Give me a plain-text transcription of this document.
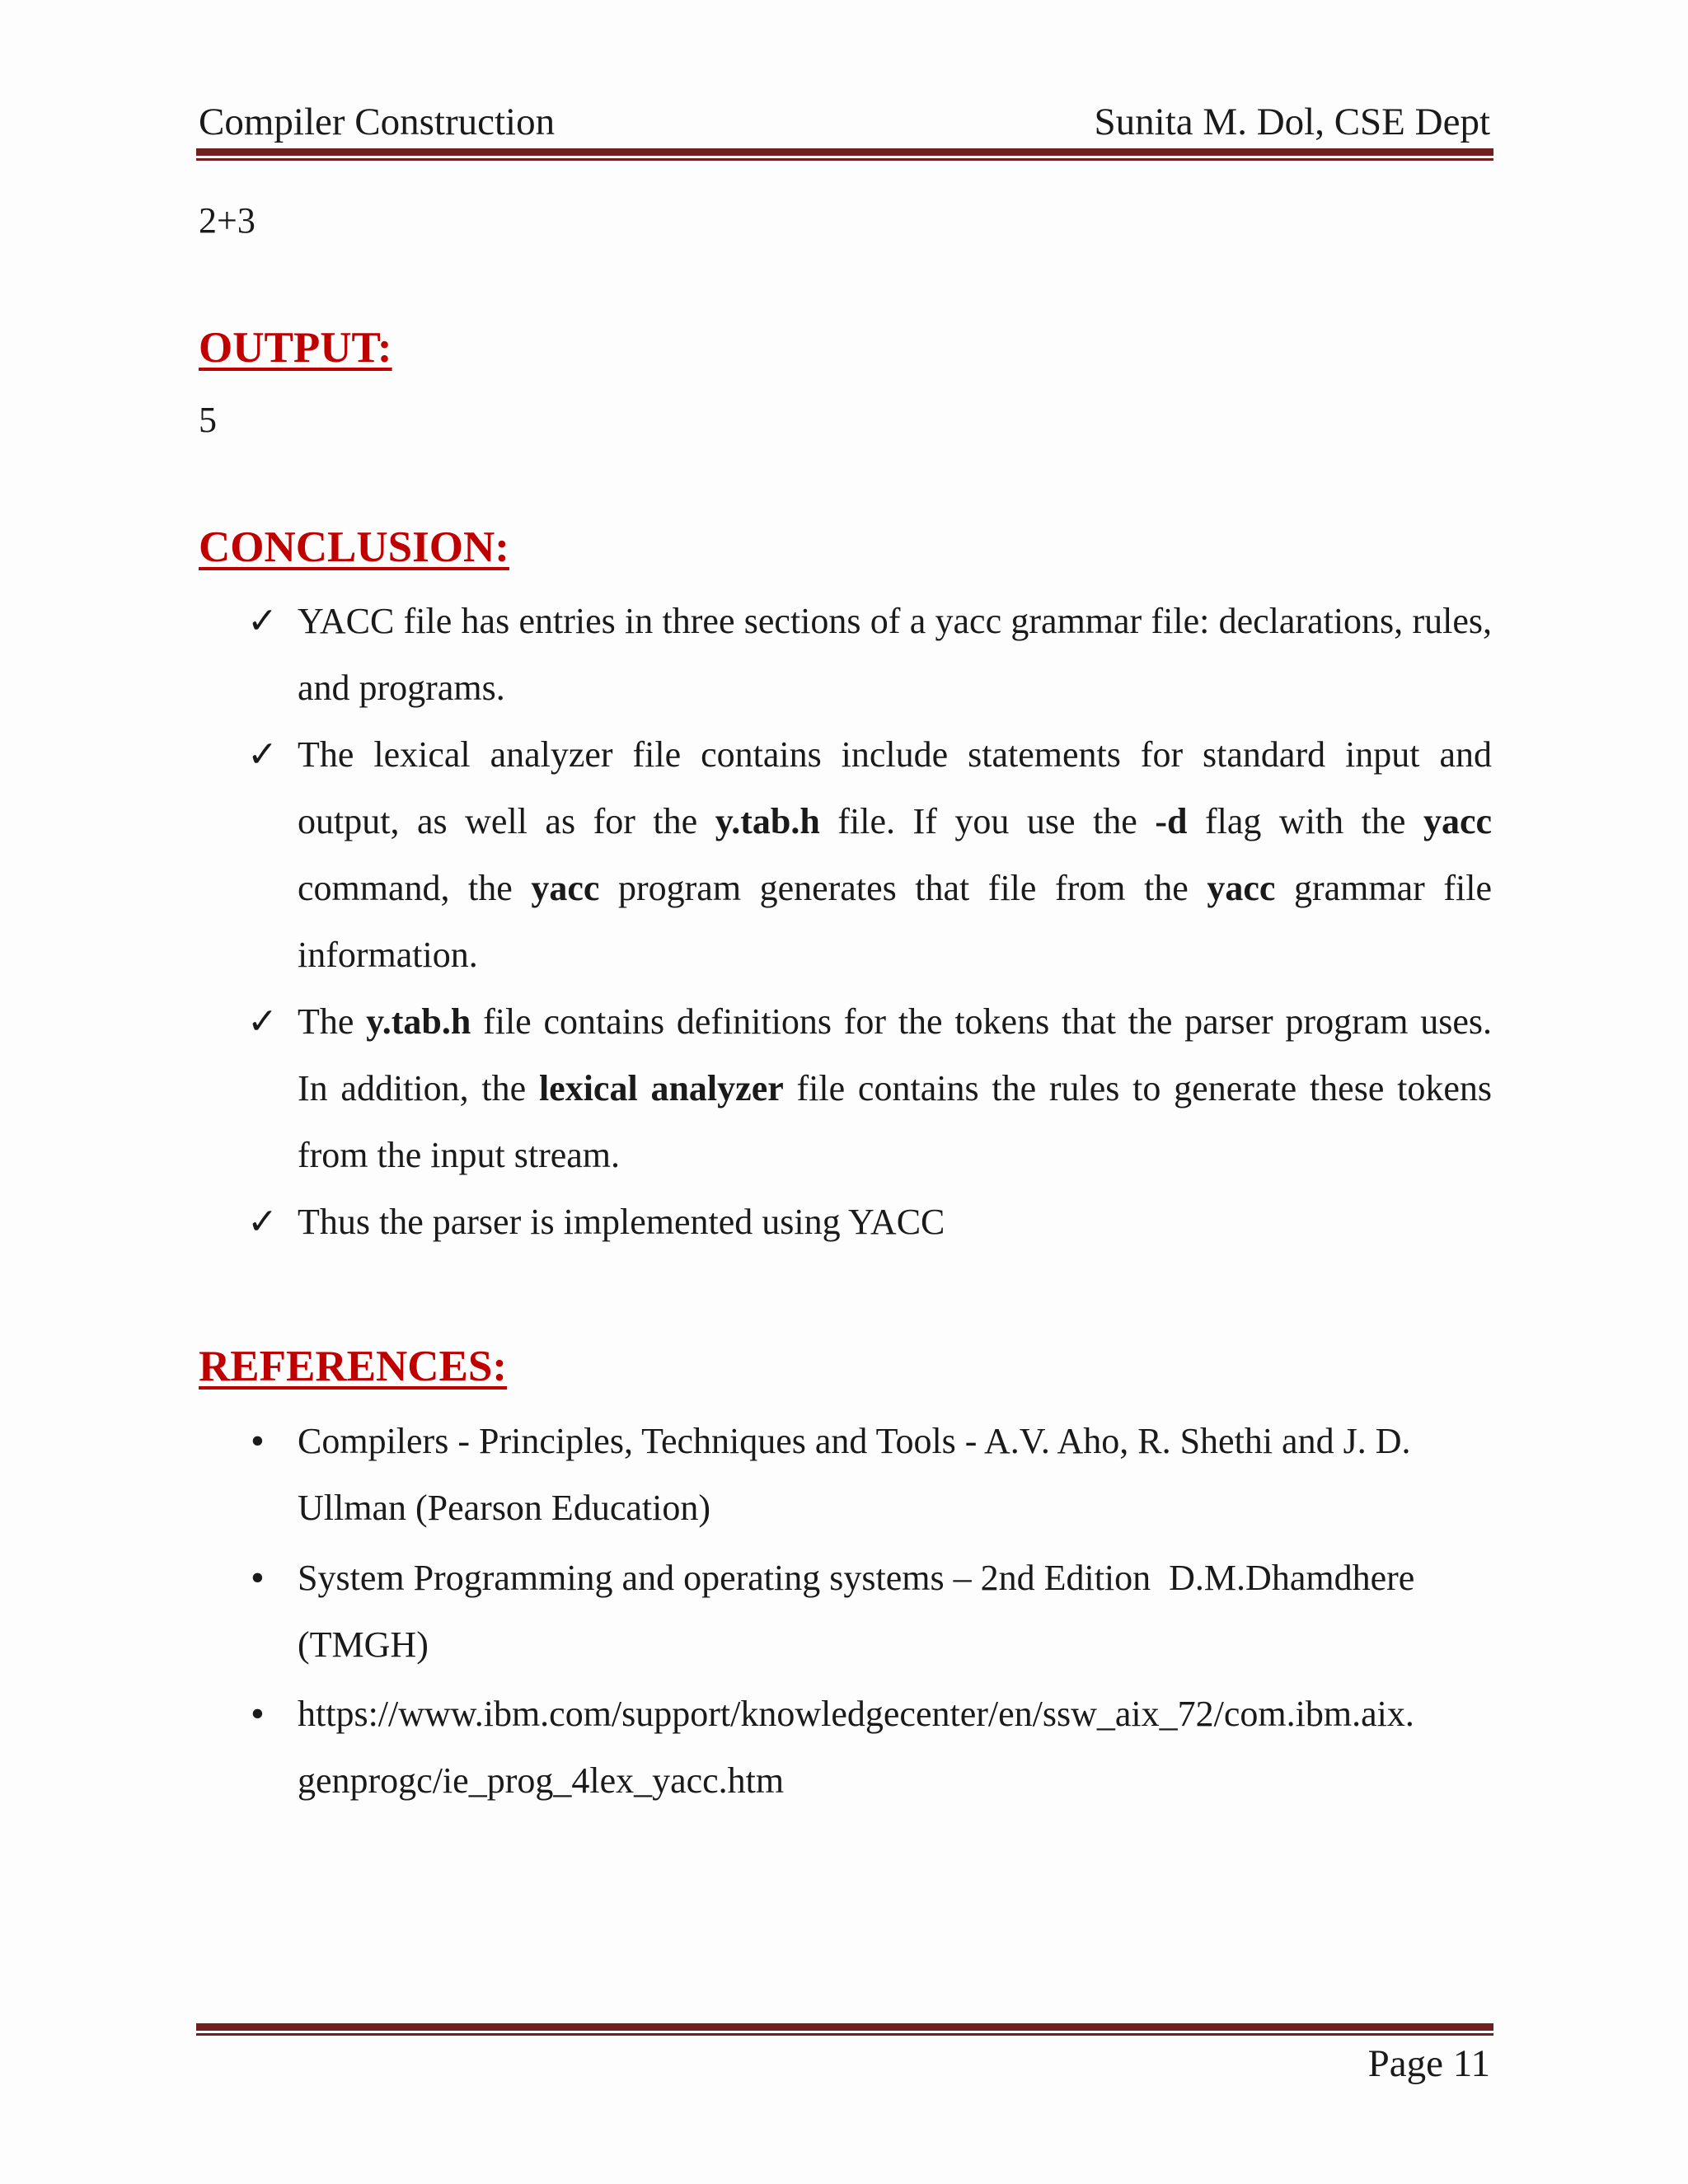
Compiler Construction	Sunita M. Dol, CSE Dept
2+3
OUTPUT:
5
CONCLUSION:
✓ YACC file has entries in three sections of a yacc grammar file: declarations, rules, and programs.
✓ The lexical analyzer file contains include statements for standard input and output, as well as for the y.tab.h file. If you use the -d flag with the yacc command, the yacc program generates that file from the yacc grammar file information.
✓ The y.tab.h file contains definitions for the tokens that the parser program uses. In addition, the lexical analyzer file contains the rules to generate these tokens from the input stream.
✓ Thus the parser is implemented using YACC
REFERENCES:
• Compilers - Principles, Techniques and Tools - A.V. Aho, R. Shethi and J. D.
Ullman (Pearson Education)
• System Programming and operating systems – 2nd Edition  D.M.Dhamdhere
(TMGH)
• https://www.ibm.com/support/knowledgecenter/en/ssw_aix_72/com.ibm.aix.
genprogc/ie_prog_4lex_yacc.htm
Page 11
